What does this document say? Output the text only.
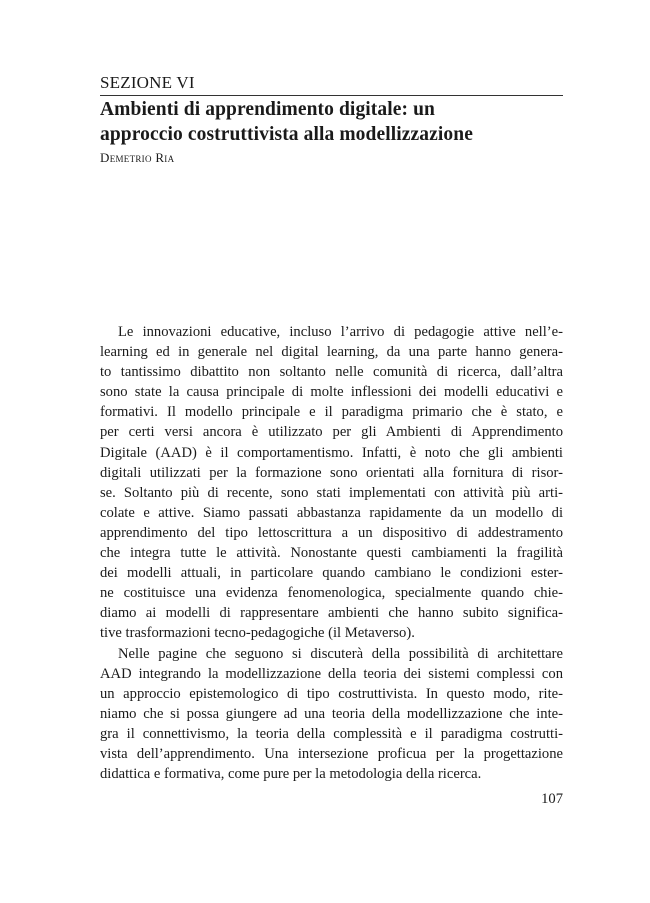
SEZIONE VI
Ambienti di apprendimento digitale: un
approccio costruttivista alla modellizzazione

Demetrio Ria

Le innovazioni educative, incluso l’arrivo di pedagogie attive nell’e-
learning ed in generale nel digital learning, da una parte hanno genera-
to tantissimo dibattito non soltanto nelle comunità di ricerca, dall’altra
sono state la causa principale di molte inflessioni dei modelli educativi e
formativi. Il modello principale e il paradigma primario che è stato, e
per certi versi ancora è utilizzato per gli Ambienti di Apprendimento
Digitale (AAD) è il comportamentismo. Infatti, è noto che gli ambienti
digitali utilizzati per la formazione sono orientati alla fornitura di risor-
se. Soltanto più di recente, sono stati implementati con attività più arti-
colate e attive. Siamo passati abbastanza rapidamente da un modello di
apprendimento del tipo lettoscrittura a un dispositivo di addestramento
che integra tutte le attività. Nonostante questi cambiamenti la fragilità
dei modelli attuali, in particolare quando cambiano le condizioni ester-
ne costituisce una evidenza fenomenologica, specialmente quando chie-
diamo ai modelli di rappresentare ambienti che hanno subito significa-
tive trasformazioni tecno-pedagogiche (il Metaverso).
Nelle pagine che seguono si discuterà della possibilità di architettare
AAD integrando la modellizzazione della teoria dei sistemi complessi con
un approccio epistemologico di tipo costruttivista. In questo modo, rite-
niamo che si possa giungere ad una teoria della modellizzazione che inte-
gra il connettivismo, la teoria della complessità e il paradigma costrutti-
vista dell’apprendimento. Una intersezione proficua per la progettazione
didattica e formativa, come pure per la metodologia della ricerca.

107
